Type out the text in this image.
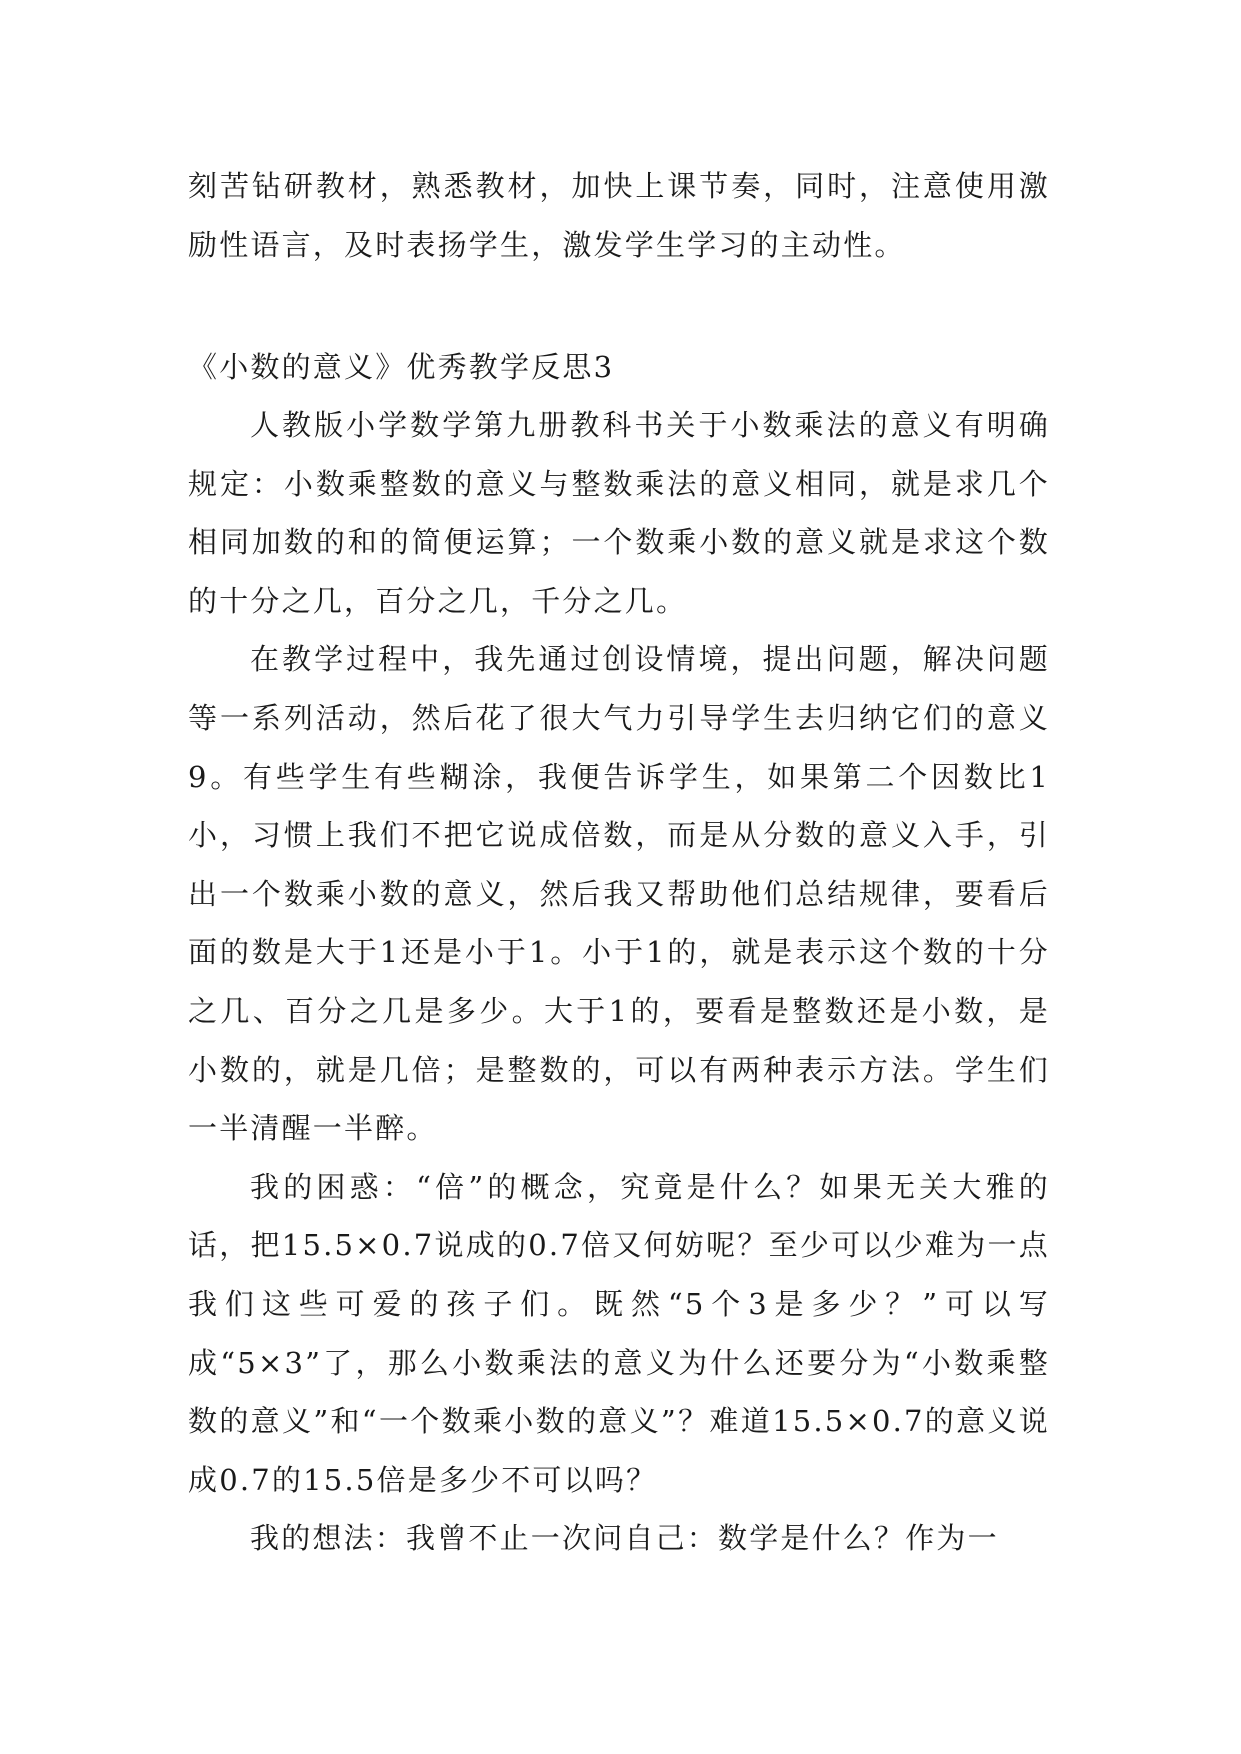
刻苦钻研教材，熟悉教材，加快上课节奏，同时，注意使用激励性语言，及时表扬学生，激发学生学习的主动性。

《小数的意义》优秀教学反思3

人教版小学数学第九册教科书关于小数乘法的意义有明确规定：小数乘整数的意义与整数乘法的意义相同，就是求几个相同加数的和的简便运算；一个数乘小数的意义就是求这个数的十分之几，百分之几，千分之几。

在教学过程中，我先通过创设情境，提出问题，解决问题等一系列活动，然后花了很大气力引导学生去归纳它们的意义9。有些学生有些糊涂，我便告诉学生，如果第二个因数比1小，习惯上我们不把它说成倍数，而是从分数的意义入手，引出一个数乘小数的意义，然后我又帮助他们总结规律，要看后面的数是大于1还是小于1。小于1的，就是表示这个数的十分之几、百分之几是多少。大于1的，要看是整数还是小数，是小数的，就是几倍；是整数的，可以有两种表示方法。学生们一半清醒一半醉。

我的困惑：“倍”的概念，究竟是什么？如果无关大雅的话，把15.5×0.7说成的0.7倍又何妨呢？至少可以少难为一点我们这些可爱的孩子们。既然“5个3是多少？”可以写成“5×3”了，那么小数乘法的意义为什么还要分为“小数乘整数的意义”和“一个数乘小数的意义”？难道15.5×0.7的意义说成0.7的15.5倍是多少不可以吗？

我的想法：我曾不止一次问自己：数学是什么？作为一
